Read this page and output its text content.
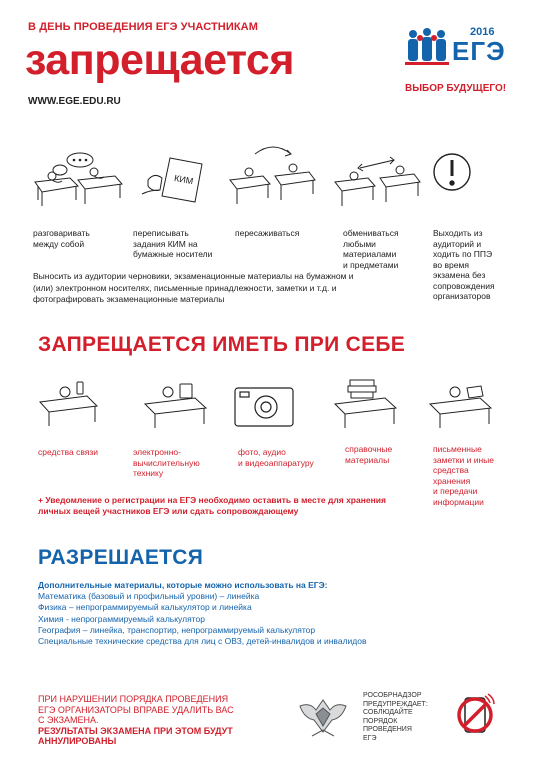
В ДЕНЬ ПРОВЕДЕНИЯ ЕГЭ УЧАСТНИКАМ
запрещается
WWW.EGE.EDU.RU
2016
ЕГЭ
ВЫБОР БУДУЩЕГО!
КИМ
разговаривать
между собой
переписывать
задания КИМ на
бумажные носители
пересаживаться	обмениваться
любыми
материалами
и предметами
Выходить из
аудиторий и
ходить по ППЭ
во время
экзамена без
сопровождения
организаторов
Выносить из аудитории черновики, экзаменационные материалы на бумажном и (или) электронном носителях, письменные принадлежности, заметки и т.д. и фотографировать экзаменационные материалы
ЗАПРЕЩАЕТСЯ ИМЕТЬ ПРИ СЕБЕ
средства связи	электронно-
вычислительную
технику
фото, аудио
и видеоаппаратуру
справочные
материалы
письменные
заметки и иные
средства
хранения
и передачи
информации
+ Уведомление о регистрации на ЕГЭ необходимо оставить в месте для хранения
личных вещей участников ЕГЭ или сдать сопровождающему
РАЗРЕШАЕТСЯ
Дополнительные материалы, которые можно использовать на ЕГЭ:
Математика (базовый и профильный уровни) – линейка
Физика – непрограммируемый калькулятор и линейка
Химия - непрограммируемый калькулятор
География – линейка, транспортир, непрограммируемый калькулятор
Специальные технические средства для лиц с ОВЗ, детей-инвалидов и инвалидов
ПРИ НАРУШЕНИИ ПОРЯДКА ПРОВЕДЕНИЯ
ЕГЭ ОРГАНИЗАТОРЫ ВПРАВЕ УДАЛИТЬ ВАС
С ЭКЗАМЕНА.
РЕЗУЛЬТАТЫ ЭКЗАМЕНА ПРИ ЭТОМ БУДУТ
АННУЛИРОВАНЫ
РОСОБРНАДЗОР
ПРЕДУПРЕЖДАЕТ:
СОБЛЮДАЙТЕ
ПОРЯДОК
ПРОВЕДЕНИЯ
ЕГЭ
